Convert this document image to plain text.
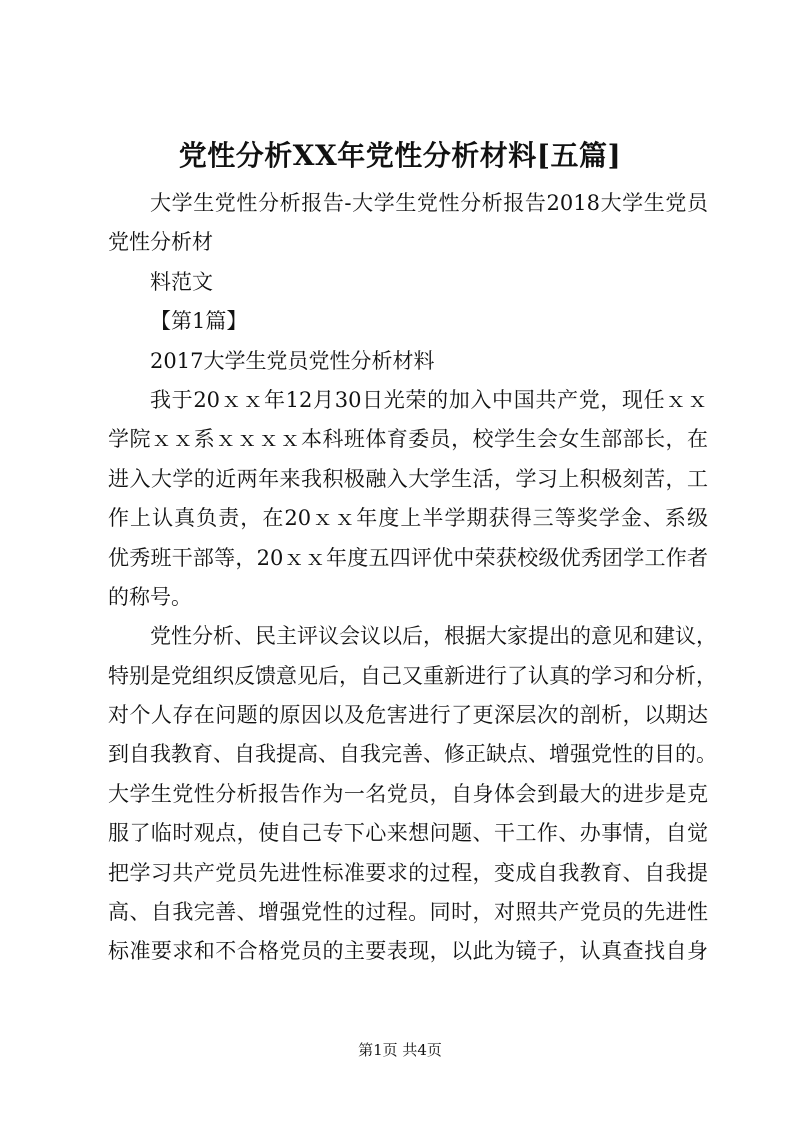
党性分析XX年党性分析材料[五篇]
大学生党性分析报告-大学生党性分析报告2018大学生党员
党性分析材
料范文
【第1篇】
2017大学生党员党性分析材料
我于20ｘｘ年12月30日光荣的加入中国共产党，现任ｘｘ
学院ｘｘ系ｘｘｘｘ本科班体育委员，校学生会女生部部长，在
进入大学的近两年来我积极融入大学生活，学习上积极刻苦，工
作上认真负责，在20ｘｘ年度上半学期获得三等奖学金、系级
优秀班干部等，20ｘｘ年度五四评优中荣获校级优秀团学工作者
的称号。
党性分析、民主评议会议以后，根据大家提出的意见和建议，
特别是党组织反馈意见后，自己又重新进行了认真的学习和分析，
对个人存在问题的原因以及危害进行了更深层次的剖析，以期达
到自我教育、自我提高、自我完善、修正缺点、增强党性的目的。
大学生党性分析报告作为一名党员，自身体会到最大的进步是克
服了临时观点，使自己专下心来想问题、干工作、办事情，自觉
把学习共产党员先进性标准要求的过程，变成自我教育、自我提
高、自我完善、增强党性的过程。同时，对照共产党员的先进性
标准要求和不合格党员的主要表现，以此为镜子，认真查找自身
第1页 共4页
